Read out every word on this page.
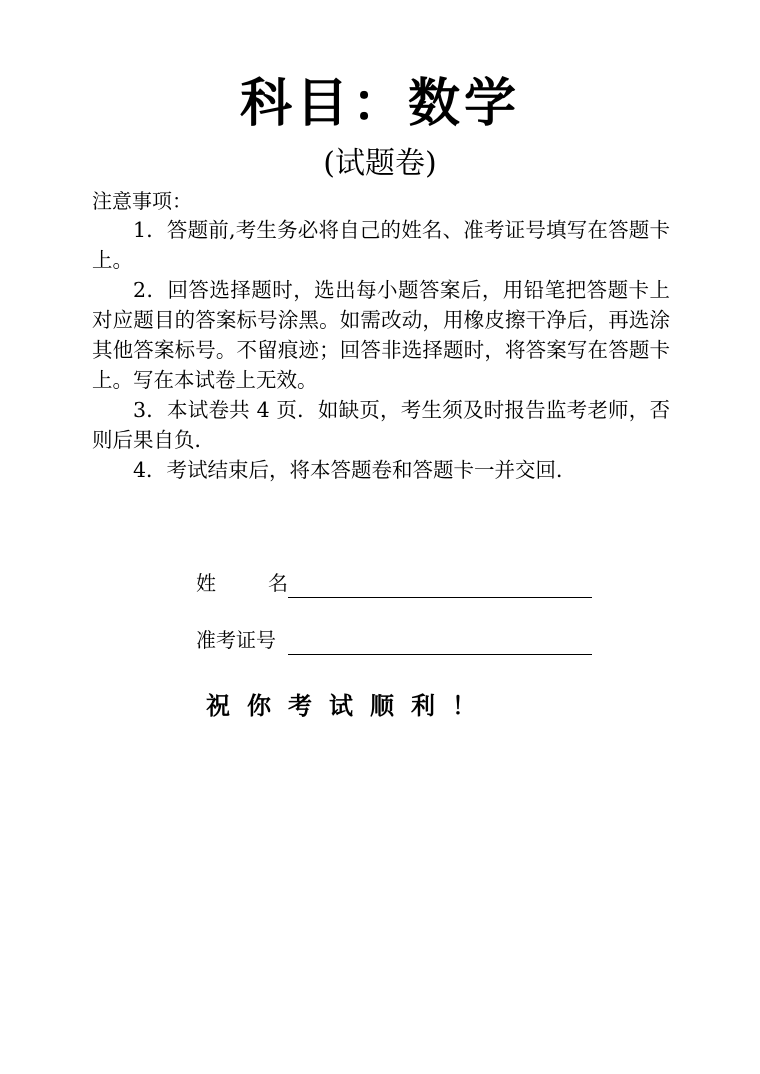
科目：数学
(试题卷)
注意事项：

1．答题前,考生务必将自己的姓名、准考证号填写在答题卡上。

2．回答选择题时，选出每小题答案后，用铅笔把答题卡上对应题目的答案标号涂黑。如需改动，用橡皮擦干净后，再选涂其他答案标号。不留痕迹；回答非选择题时，将答案写在答题卡上。写在本试卷上无效。

3．本试卷共 4 页．如缺页，考生须及时报告监考老师，否则后果自负．

4．考试结束后，将本答题卷和答题卡一并交回．

姓	名
准考证号
祝你考试顺利！
